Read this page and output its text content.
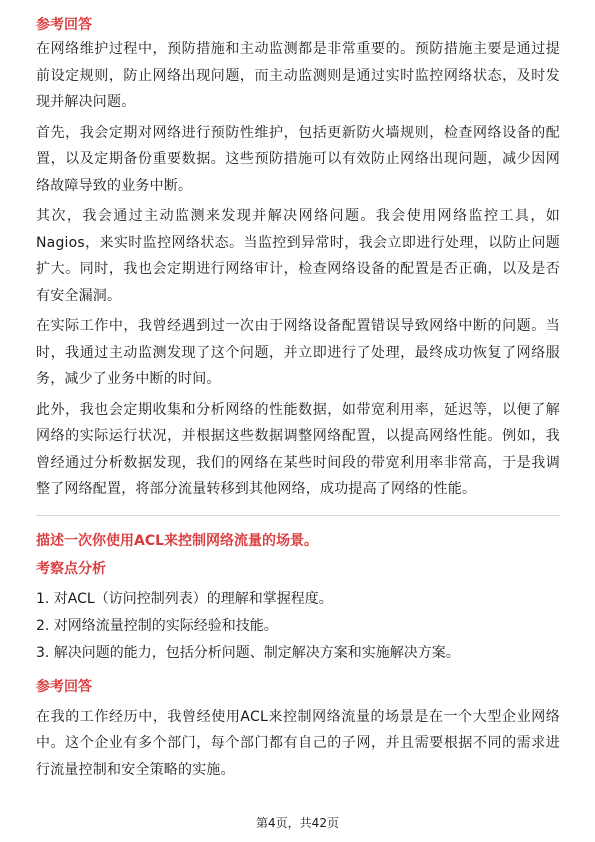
参考回答

在网络维护过程中，预防措施和主动监测都是非常重要的。预防措施主要是通过提前设定规则，防止网络出现问题，而主动监测则是通过实时监控网络状态，及时发现并解决问题。

首先，我会定期对网络进行预防性维护，包括更新防火墙规则，检查网络设备的配置，以及定期备份重要数据。这些预防措施可以有效防止网络出现问题，减少因网络故障导致的业务中断。

其次，我会通过主动监测来发现并解决网络问题。我会使用网络监控工具，如Nagios，来实时监控网络状态。当监控到异常时，我会立即进行处理，以防止问题扩大。同时，我也会定期进行网络审计，检查网络设备的配置是否正确，以及是否有安全漏洞。

在实际工作中，我曾经遇到过一次由于网络设备配置错误导致网络中断的问题。当时，我通过主动监测发现了这个问题，并立即进行了处理，最终成功恢复了网络服务，减少了业务中断的时间。

此外，我也会定期收集和分析网络的性能数据，如带宽利用率，延迟等，以便了解网络的实际运行状况，并根据这些数据调整网络配置，以提高网络性能。例如，我曾经通过分析数据发现，我们的网络在某些时间段的带宽利用率非常高，于是我调整了网络配置，将部分流量转移到其他网络，成功提高了网络的性能。

描述一次你使用ACL来控制网络流量的场景。

考察点分析

1. 对ACL（访问控制列表）的理解和掌握程度。

2. 对网络流量控制的实际经验和技能。

3. 解决问题的能力，包括分析问题、制定解决方案和实施解决方案。

参考回答

在我的工作经历中，我曾经使用ACL来控制网络流量的场景是在一个大型企业网络中。这个企业有多个部门，每个部门都有自己的子网，并且需要根据不同的需求进行流量控制和安全策略的实施。

第4页，共42页
